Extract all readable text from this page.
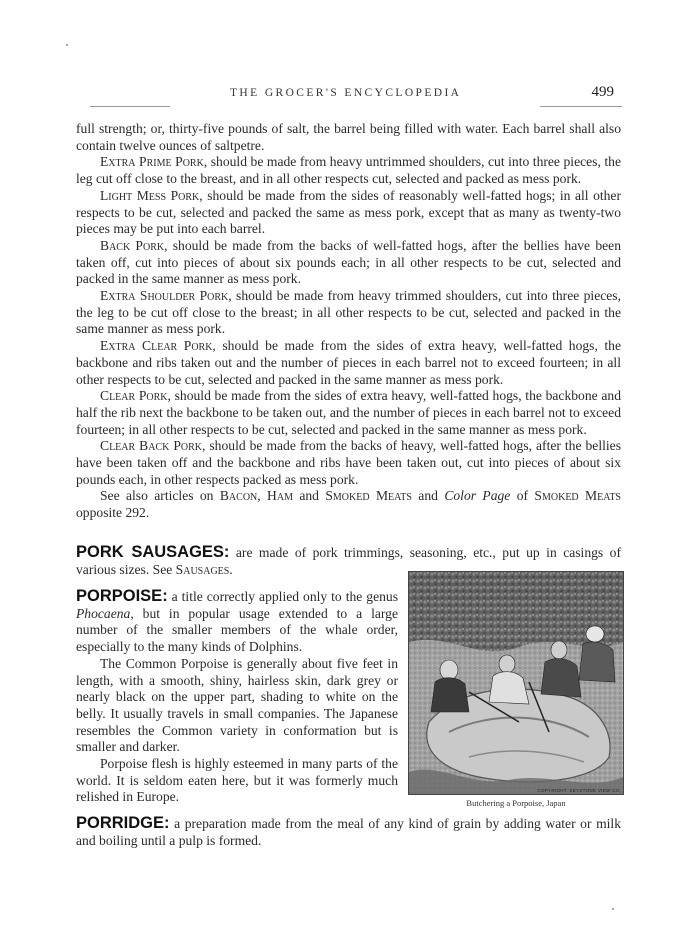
THE GROCER'S ENCYCLOPEDIA	499

full strength; or, thirty-five pounds of salt, the barrel being filled with water. Each barrel shall also contain twelve ounces of saltpetre.

Extra Prime Pork, should be made from heavy untrimmed shoulders, cut into three pieces, the leg cut off close to the breast, and in all other respects cut, selected and packed as mess pork.

Light Mess Pork, should be made from the sides of reasonably well-fatted hogs; in all other respects to be cut, selected and packed the same as mess pork, except that as many as twenty-two pieces may be put into each barrel.

Back Pork, should be made from the backs of well-fatted hogs, after the bellies have been taken off, cut into pieces of about six pounds each; in all other respects to be cut, selected and packed in the same manner as mess pork.

Extra Shoulder Pork, should be made from heavy trimmed shoulders, cut into three pieces, the leg to be cut off close to the breast; in all other respects to be cut, selected and packed in the same manner as mess pork.

Extra Clear Pork, should be made from the sides of extra heavy, well-fatted hogs, the backbone and ribs taken out and the number of pieces in each barrel not to exceed fourteen; in all other respects to be cut, selected and packed in the same manner as mess pork.

Clear Pork, should be made from the sides of extra heavy, well-fatted hogs, the backbone and half the rib next the backbone to be taken out, and the number of pieces in each barrel not to exceed fourteen; in all other respects to be cut, selected and packed in the same manner as mess pork.

Clear Back Pork, should be made from the backs of heavy, well-fatted hogs, after the bellies have been taken off and the backbone and ribs have been taken out, cut into pieces of about six pounds each, in other respects packed as mess pork.

See also articles on Bacon, Ham and Smoked Meats and Color Page of Smoked Meats opposite 292.

PORK SAUSAGES: are made of pork trimmings, seasoning, etc., put up in casings of various sizes. See Sausages.

PORPOISE: a title correctly applied only to the genus Phocaena, but in popular usage extended to a large number of the smaller members of the whale order, especially to the many kinds of Dolphins.

The Common Porpoise is generally about five feet in length, with a smooth, shiny, hairless skin, dark grey or nearly black on the upper part, shading to white on the belly. It usually travels in small companies. The Japanese resembles the Common variety in conformation but is smaller and darker.

Porpoise flesh is highly esteemed in many parts of the world. It is seldom eaten here, but it was formerly much relished in Europe.	COPYRIGHT, KEYSTONE VIEW CO.
Butchering a Porpoise, Japan
PORRIDGE: a preparation made from the meal of any kind of grain by adding water or milk and boiling until a pulp is formed.
